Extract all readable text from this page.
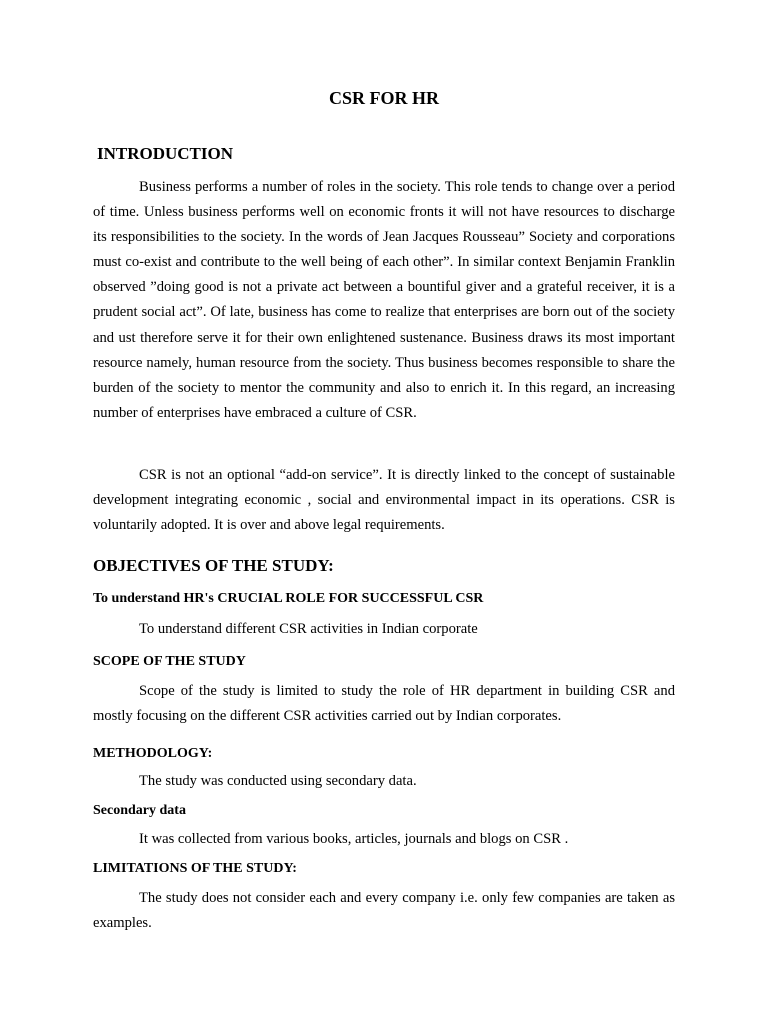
CSR FOR HR
INTRODUCTION

Business performs a number of roles in the society. This role tends to change over a period of time. Unless business performs well on economic fronts it will not have resources to discharge its responsibilities to the society. In the words of Jean Jacques Rousseau” Society and corporations must co-exist and contribute to the well being of each other”. In similar context Benjamin Franklin observed ”doing good is not a private act between a bountiful giver and a grateful receiver, it is a prudent social act”. Of late, business has come to realize that enterprises are born out of the society and ust therefore serve it for their own enlightened sustenance. Business draws its most important resource namely, human resource from the society. Thus business becomes responsible to share the burden of the society to mentor the community and also to enrich it. In this regard, an increasing number of enterprises have embraced a culture of CSR.

CSR is not an optional “add-on service”. It is directly linked to the concept of sustainable development integrating economic , social and environmental impact in its operations. CSR is voluntarily adopted. It is over and above legal requirements.

OBJECTIVES OF THE STUDY:

To understand HR's CRUCIAL ROLE FOR SUCCESSFUL CSR

To understand different CSR activities in Indian corporate

SCOPE OF THE STUDY

Scope of the study is limited to study the role of HR department in building CSR and mostly focusing on the different CSR activities carried out by Indian corporates.

METHODOLOGY:

The study was conducted using secondary data.

Secondary data

It was collected from various books, articles, journals and blogs on CSR .

LIMITATIONS OF THE STUDY:

The study does not consider each and every company i.e. only few companies are taken as examples.
